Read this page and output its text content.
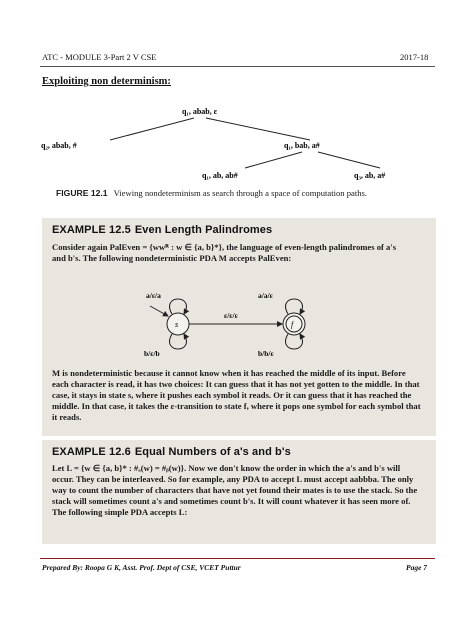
ATC - MODULE 3-Part 2 V CSE	2017-18
Exploiting non determinism:
q₁, abab, ε
q₂, abab, #	q₁, bab, a#
q₁, ab, ab#	q₃, ab, a#
FIGURE 12.1 Viewing nondeterminism as search through a space of computation paths.
EXAMPLE 12.5 Even Length Palindromes
Consider again PalEven = {wwᴿ : w ∈ {a, b}*}, the language of even-length palindromes of a's and b's. The following nondeterministic PDA M accepts PalEven:
s
a/ε/a
b/ε/b
ε/ε/ε
f
a/a/ε
b/b/ε
M is nondeterministic because it cannot know when it has reached the middle of its input. Before each character is read, it has two choices: It can guess that it has not yet gotten to the middle. In that case, it stays in state s, where it pushes each symbol it reads. Or it can guess that it has reached the middle. In that case, it takes the ε-transition to state f, where it pops one symbol for each symbol that it reads.
EXAMPLE 12.6 Equal Numbers of a's and b's
Let L = {w ∈ {a, b}* : #ₐ(w) = #ᵦ(w)}. Now we don't know the order in which the a's and b's will occur. They can be interleaved. So for example, any PDA to accept L must accept aabbba. The only way to count the number of characters that have not yet found their mates is to use the stack. So the stack will sometimes count a's and sometimes count b's. It will count whatever it has seen more of. The following simple PDA accepts L:
Prepared By: Roopa G K, Asst. Prof. Dept of CSE, VCET Puttur	Page 7
